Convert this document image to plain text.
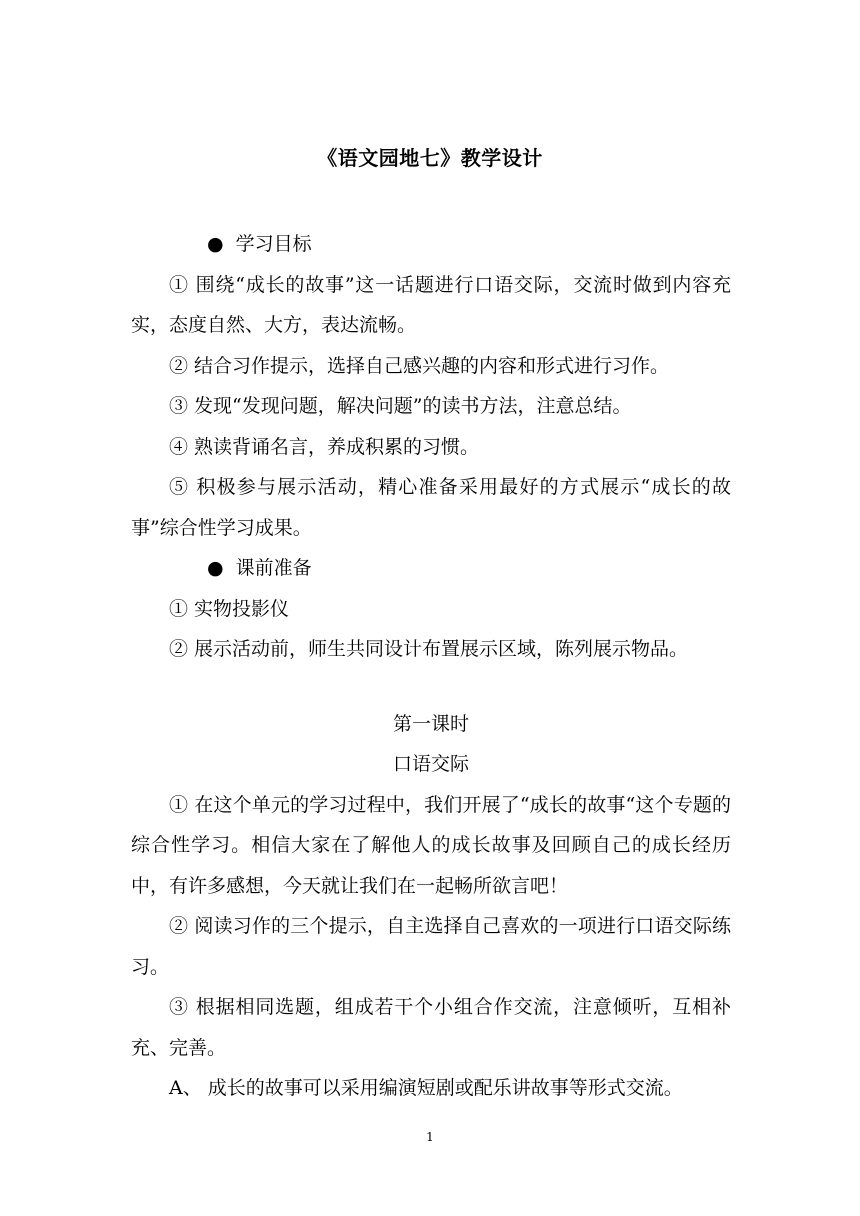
《语文园地七》教学设计

● 学习目标

① 围绕“成长的故事”这一话题进行口语交际，交流时做到内容充实，态度自然、大方，表达流畅。

② 结合习作提示，选择自己感兴趣的内容和形式进行习作。

③ 发现“发现问题，解决问题”的读书方法，注意总结。

④ 熟读背诵名言，养成积累的习惯。

⑤ 积极参与展示活动，精心准备采用最好的方式展示“成长的故事”综合性学习成果。

● 课前准备

① 实物投影仪

② 展示活动前，师生共同设计布置展示区域，陈列展示物品。

第一课时

口语交际

① 在这个单元的学习过程中，我们开展了“成长的故事“这个专题的综合性学习。相信大家在了解他人的成长故事及回顾自己的成长经历中，有许多感想，今天就让我们在一起畅所欲言吧！

② 阅读习作的三个提示，自主选择自己喜欢的一项进行口语交际练习。

③ 根据相同选题，组成若干个小组合作交流，注意倾听，互相补充、完善。

A、 成长的故事可以采用编演短剧或配乐讲故事等形式交流。

1
